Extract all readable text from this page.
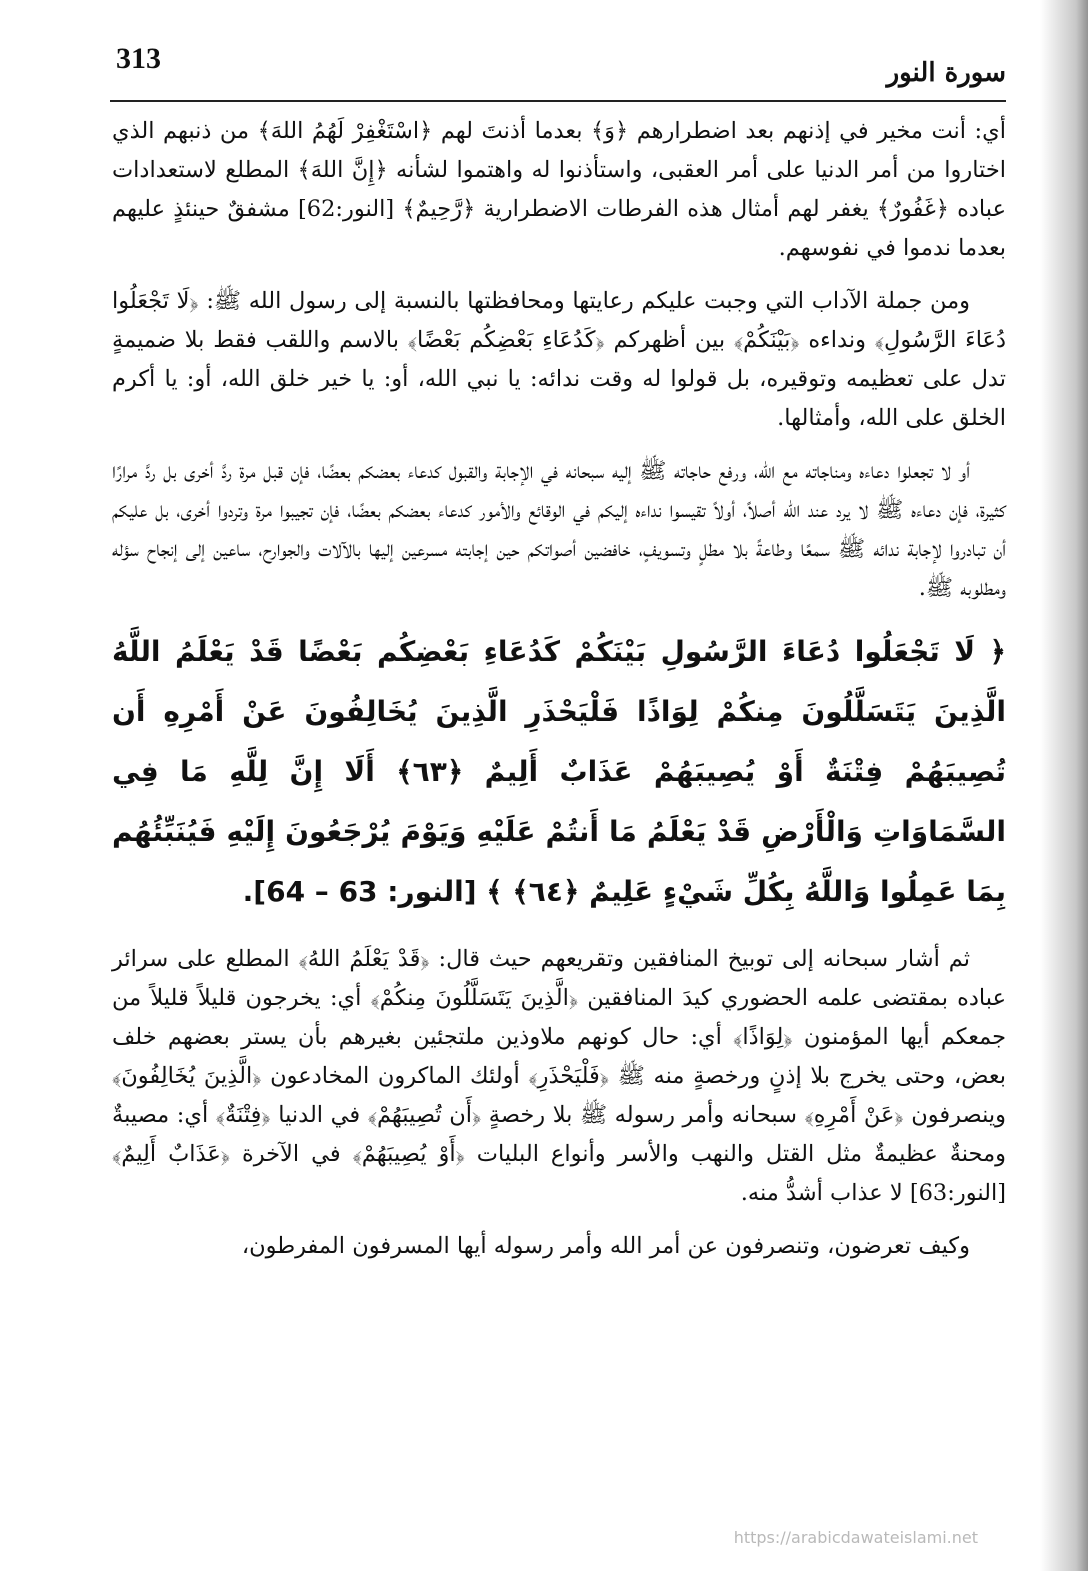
313	سورة النور

أي: أنت مخير في إذنهم بعد اضطرارهم ﴿وَ﴾ بعدما أذنتَ لهم ﴿اسْتَغْفِرْ لَهُمُ اللهَ﴾ من ذنبهم الذي اختاروا من أمر الدنيا على أمر العقبى، واستأذنوا له واهتموا لشأنه ﴿إِنَّ اللهَ﴾ المطلع لاستعدادات عباده ﴿غَفُورٌ﴾ يغفر لهم أمثال هذه الفرطات الاضطرارية ﴿رَّحِيمٌ﴾ [النور:62] مشفقٌ حينئذٍ عليهم بعدما ندموا في نفوسهم.

ومن جملة الآداب التي وجبت عليكم رعايتها ومحافظتها بالنسبة إلى رسول الله ﷺ: ﴿لَا تَجْعَلُوا دُعَاءَ الرَّسُولِ﴾ ونداءه ﴿بَيْنَكُمْ﴾ بين أظهركم ﴿كَدُعَاءِ بَعْضِكُم بَعْضًا﴾ بالاسم واللقب فقط بلا ضميمةٍ تدل على تعظيمه وتوقيره، بل قولوا له وقت ندائه: يا نبي الله، أو: يا خير خلق الله، أو: يا أكرم الخلق على الله، وأمثالها.

أو لا تجعلوا دعاءه ومناجاته مع الله، ورفع حاجاته ﷺ إليه سبحانه في الإجابة والقبول كدعاء بعضكم بعضًا، فإن قبل مرة ردَّ أخرى بل ردَّ مرارًا كثيرة، فإن دعاءه ﷺ لا يرد عند الله أصلاً، أولاً تقيسوا نداءه إليكم في الوقائع والأمور كدعاء بعضكم بعضًا، فإن تجيبوا مرة وتردوا أخرى، بل عليكم أن تبادروا لإجابة ندائه ﷺ سمعًا وطاعةً بلا مطلٍ وتسويفٍ، خافضين أصواتكم حين إجابته مسرعين إليها بالآلات والجوارح، ساعين إلى إنجاح سؤله ومطلوبه ﷺ.

﴿ لَا تَجْعَلُوا دُعَاءَ الرَّسُولِ بَيْنَكُمْ كَدُعَاءِ بَعْضِكُم بَعْضًا قَدْ يَعْلَمُ اللَّهُ الَّذِينَ يَتَسَلَّلُونَ مِنكُمْ لِوَاذًا فَلْيَحْذَرِ الَّذِينَ يُخَالِفُونَ عَنْ أَمْرِهِ أَن تُصِيبَهُمْ فِتْنَةٌ أَوْ يُصِيبَهُمْ عَذَابٌ أَلِيمٌ ﴿٦٣﴾ أَلَا إِنَّ لِلَّهِ مَا فِي السَّمَاوَاتِ وَالْأَرْضِ قَدْ يَعْلَمُ مَا أَنتُمْ عَلَيْهِ وَيَوْمَ يُرْجَعُونَ إِلَيْهِ فَيُنَبِّئُهُم بِمَا عَمِلُوا وَاللَّهُ بِكُلِّ شَيْءٍ عَلِيمٌ ﴿٦٤﴾ ﴾ [النور: 63 – 64].

ثم أشار سبحانه إلى توبيخ المنافقين وتقريعهم حيث قال: ﴿قَدْ يَعْلَمُ اللهُ﴾ المطلع على سرائر عباده بمقتضى علمه الحضوري كيدَ المنافقين ﴿الَّذِينَ يَتَسَلَّلُونَ مِنكُمْ﴾ أي: يخرجون قليلاً قليلاً من جمعكم أيها المؤمنون ﴿لِوَاذًا﴾ أي: حال كونهم ملاوذين ملتجئين بغيرهم بأن يستر بعضهم خلف بعض، وحتى يخرج بلا إذنٍ ورخصةٍ منه ﷺ ﴿فَلْيَحْذَرِ﴾ أولئك الماكرون المخادعون ﴿الَّذِينَ يُخَالِفُونَ﴾ وينصرفون ﴿عَنْ أَمْرِهِ﴾ سبحانه وأمر رسوله ﷺ بلا رخصةٍ ﴿أَن تُصِيبَهُمْ﴾ في الدنيا ﴿فِتْنَةٌ﴾ أي: مصيبةٌ ومحنةٌ عظيمةٌ مثل القتل والنهب والأسر وأنواع البليات ﴿أَوْ يُصِيبَهُمْ﴾ في الآخرة ﴿عَذَابٌ أَلِيمٌ﴾ [النور:63] لا عذاب أشدُّ منه.

وكيف تعرضون، وتنصرفون عن أمر الله وأمر رسوله أيها المسرفون المفرطون،

https://arabicdawateislami.net
